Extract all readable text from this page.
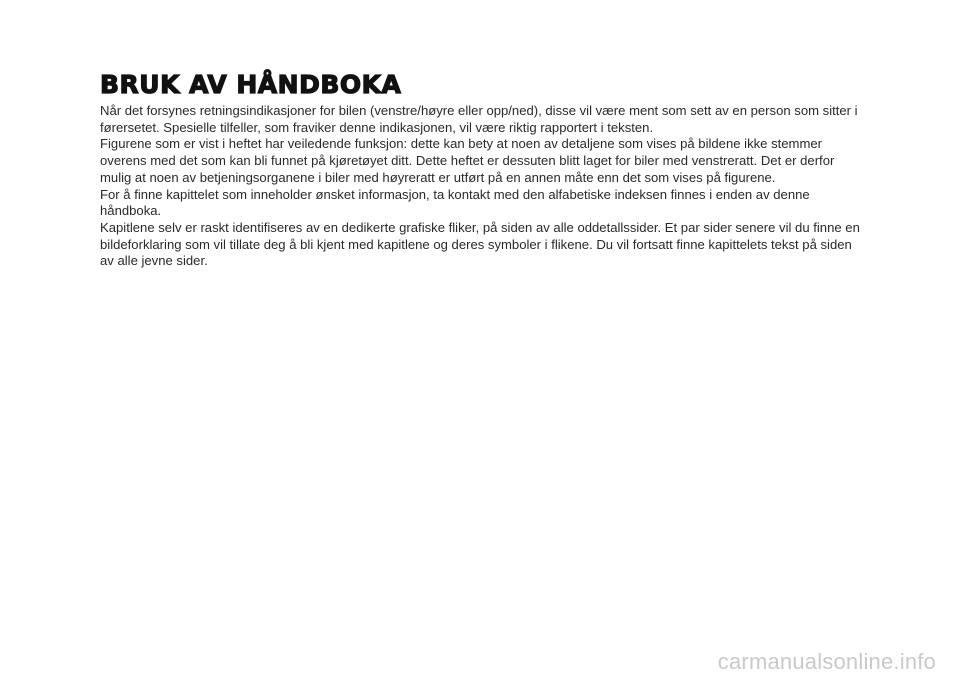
BRUK AV HÅNDBOKA

Når det forsynes retningsindikasjoner for bilen (venstre/høyre eller opp/ned), disse vil være ment som sett av en person som sitter i førersetet. Spesielle tilfeller, som fraviker denne indikasjonen, vil være riktig rapportert i teksten.

Figurene som er vist i heftet har veiledende funksjon: dette kan bety at noen av detaljene som vises på bildene ikke stemmer overens med det som kan bli funnet på kjøretøyet ditt. Dette heftet er dessuten blitt laget for biler med venstreratt. Det er derfor mulig at noen av betjeningsorganene i biler med høyreratt er utført på en annen måte enn det som vises på figurene.

For å finne kapittelet som inneholder ønsket informasjon, ta kontakt med den alfabetiske indeksen finnes i enden av denne håndboka.

Kapitlene selv er raskt identifiseres av en dedikerte grafiske fliker, på siden av alle oddetallssider. Et par sider senere vil du finne en bildeforklaring som vil tillate deg å bli kjent med kapitlene og deres symboler i flikene. Du vil fortsatt finne kapittelets tekst på siden av alle jevne sider.

carmanualsonline.info
